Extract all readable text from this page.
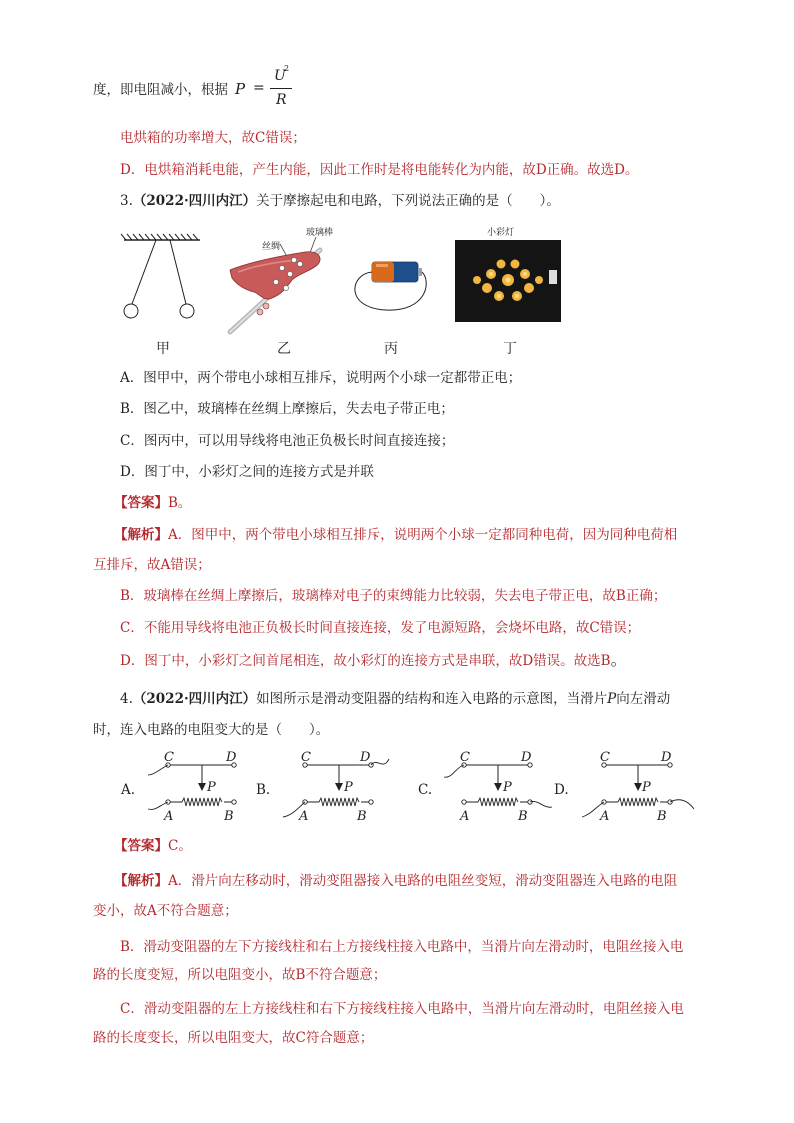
度，即电阻减小，根据 P =
U
2
R
电烘箱的功率增大，故C错误；
D．电烘箱消耗电能，产生内能，因此工作时是将电能转化为内能，故D正确。故选D。
3.（2022·四川内江）关于摩擦起电和电路，下列说法正确的是（　　）。
丝绸
玻璃棒	小彩灯
甲	乙	丙	丁
A．图甲中，两个带电小球相互排斥，说明两个小球一定都带正电；
B．图乙中，玻璃棒在丝绸上摩擦后，失去电子带正电；
C．图丙中，可以用导线将电池正负极长时间直接连接；
D．图丁中，小彩灯之间的连接方式是并联
【答案】B。
【解析】A．图甲中，两个带电小球相互排斥，说明两个小球一定都同种电荷，因为同种电荷相
互排斥，故A错误；
B．玻璃棒在丝绸上摩擦后，玻璃棒对电子的束缚能力比较弱，失去电子带正电，故B正确；
C．不能用导线将电池正负极长时间直接连接，发了电源短路，会烧坏电路，故C错误；
D．图丁中，小彩灯之间首尾相连，故小彩灯的连接方式是串联，故D错误。故选B。
4.（2022·四川内江）如图所示是滑动变阻器的结构和连入电路的示意图，当滑片P向左滑动
时，连入电路的电阻变大的是（　　）。
A.	B.	C.	D.
C	D
P
A	B
C	D
P
A	B
C	D
P
A	B
C	D
P
A	B
【答案】C。
【解析】A．滑片向左移动时，滑动变阻器接入电路的电阻丝变短，滑动变阻器连入电路的电阻
变小，故A不符合题意；
B．滑动变阻器的左下方接线柱和右上方接线柱接入电路中，当滑片向左滑动时，电阻丝接入电
路的长度变短，所以电阻变小，故B不符合题意；
C．滑动变阻器的左上方接线柱和右下方接线柱接入电路中，当滑片向左滑动时，电阻丝接入电
路的长度变长，所以电阻变大，故C符合题意；
